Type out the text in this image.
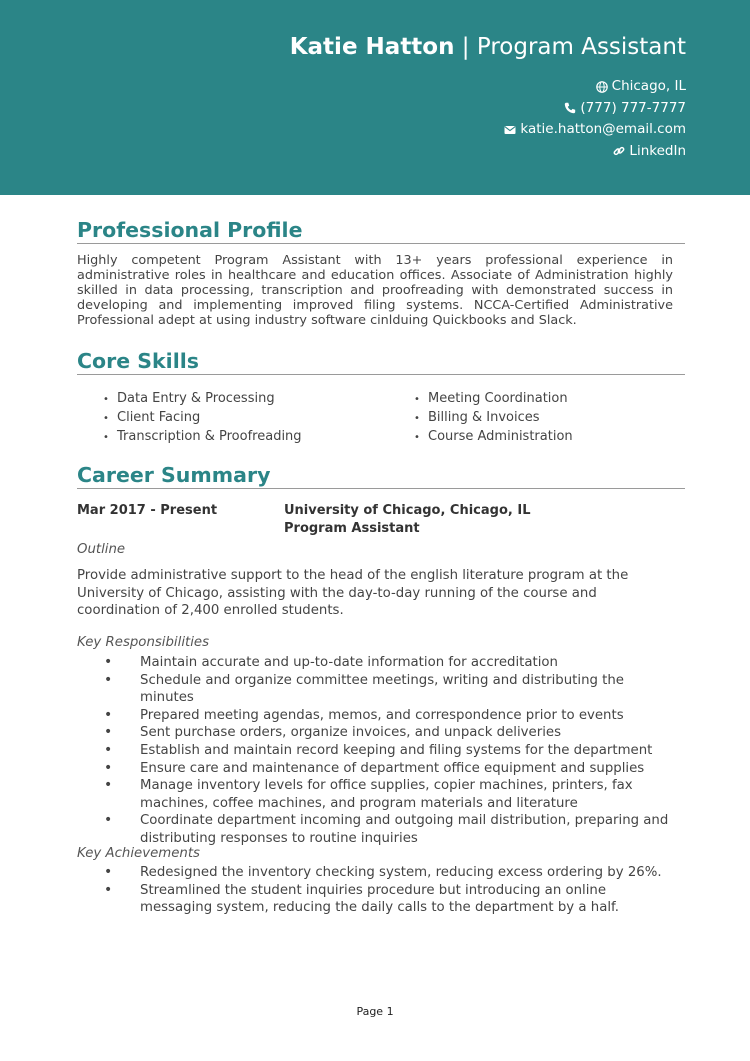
Katie Hatton | Program Assistant
Chicago, IL
(777) 777-7777
katie.hatton@email.com
LinkedIn
Professional Profile
Highly competent Program Assistant with 13+ years professional experience in administrative roles in healthcare and education offices. Associate of Administration highly skilled in data processing, transcription and proofreading with demonstrated success in developing and implementing improved filing systems. NCCA-Certified Administrative Professional adept at using industry software cinlduing Quickbooks and Slack.
Core Skills
• Data Entry & Processing
• Client Facing
• Transcription & Proofreading
• Meeting Coordination
• Billing & Invoices
• Course Administration
Career Summary
Mar 2017 - Present	University of Chicago, Chicago, IL
Program Assistant
Outline
Provide administrative support to the head of the english literature program at the University of Chicago, assisting with the day-to-day running of the course and coordination of 2,400 enrolled students.
Key Responsibilities
• Maintain accurate and up-to-date information for accreditation
• Schedule and organize committee meetings, writing and distributing the minutes
• Prepared meeting agendas, memos, and correspondence prior to events
• Sent purchase orders, organize invoices, and unpack deliveries
• Establish and maintain record keeping and filing systems for the department
• Ensure care and maintenance of department office equipment and supplies
• Manage inventory levels for office supplies, copier machines, printers, fax machines, coffee machines, and program materials and literature
• Coordinate department incoming and outgoing mail distribution, preparing and distributing responses to routine inquiries
Key Achievements
• Redesigned the inventory checking system, reducing excess ordering by 26%.
• Streamlined the student inquiries procedure but introducing an online messaging system, reducing the daily calls to the department by a half.
Page 1
